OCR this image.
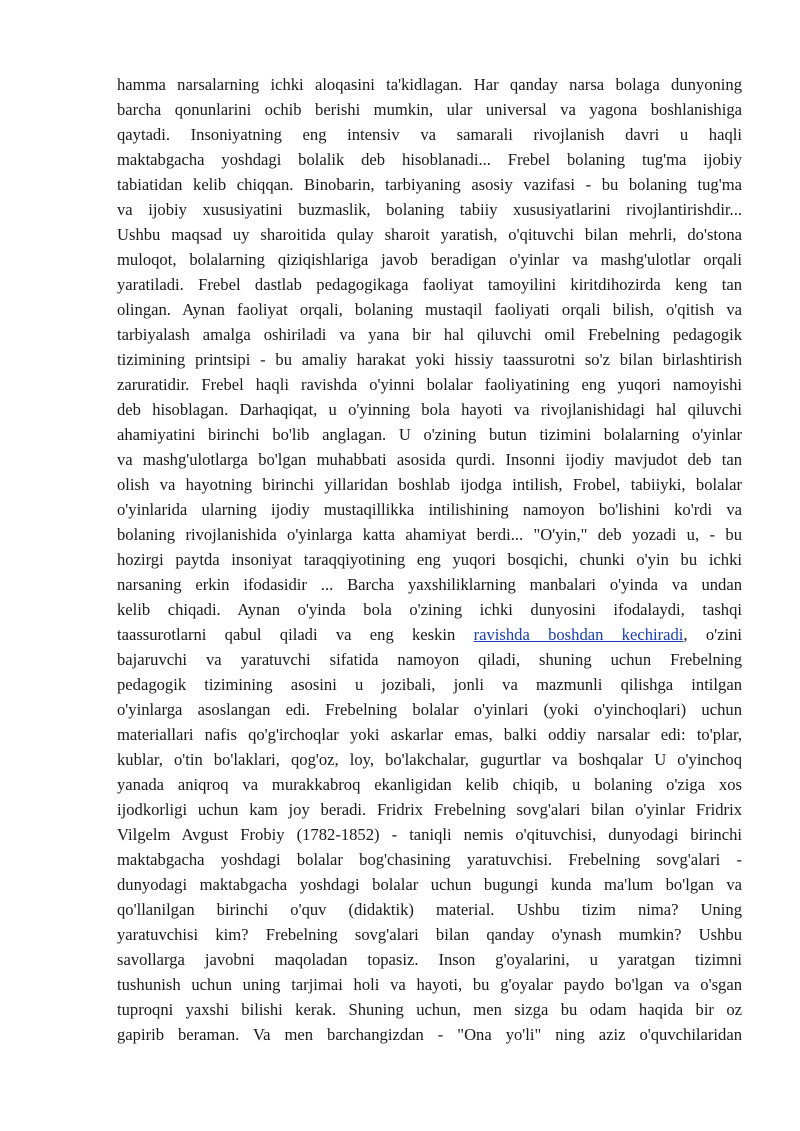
hamma narsalarning ichki aloqasini ta'kidlagan. Har qanday narsa bolaga dunyoning
barcha qonunlarini ochib berishi mumkin, ular universal va yagona boshlanishiga
qaytadi. Insoniyatning eng intensiv va samarali rivojlanish davri u haqli
maktabgacha yoshdagi bolalik deb hisoblanadi... Frebel bolaning tug'ma ijobiy
tabiatidan kelib chiqqan. Binobarin, tarbiyaning asosiy vazifasi - bu bolaning tug'ma
va ijobiy xususiyatini buzmaslik, bolaning tabiiy xususiyatlarini rivojlantirishdir...
Ushbu maqsad uy sharoitida qulay sharoit yaratish, o'qituvchi bilan mehrli, do'stona
muloqot, bolalarning qiziqishlariga javob beradigan o'yinlar va mashg'ulotlar orqali
yaratiladi. Frebel dastlab pedagogikaga faoliyat tamoyilini kiritdihozirda keng tan
olingan. Aynan faoliyat orqali, bolaning mustaqil faoliyati orqali bilish, o'qitish va
tarbiyalash amalga oshiriladi va yana bir hal qiluvchi omil Frebelning pedagogik
tizimining printsipi - bu amaliy harakat yoki hissiy taassurotni so'z bilan birlashtirish
zaruratidir. Frebel haqli ravishda o'yinni bolalar faoliyatining eng yuqori namoyishi
deb hisoblagan. Darhaqiqat, u o'yinning bola hayoti va rivojlanishidagi hal qiluvchi
ahamiyatini birinchi bo'lib anglagan. U o'zining butun tizimini bolalarning o'yinlar
va mashg'ulotlarga bo'lgan muhabbati asosida qurdi. Insonni ijodiy mavjudot deb tan
olish va hayotning birinchi yillaridan boshlab ijodga intilish, Frobel, tabiiyki, bolalar
o'yinlarida ularning ijodiy mustaqillikka intilishining namoyon bo'lishini ko'rdi va
bolaning rivojlanishida o'yinlarga katta ahamiyat berdi... "O'yin," deb yozadi u, - bu
hozirgi paytda insoniyat taraqqiyotining eng yuqori bosqichi, chunki o'yin bu ichki
narsaning erkin ifodasidir ... Barcha yaxshiliklarning manbalari o'yinda va undan
kelib chiqadi. Aynan o'yinda bola o'zining ichki dunyosini ifodalaydi, tashqi
taassurotlarni qabul qiladi va eng keskin ravishda boshdan kechiradi, o'zini
bajaruvchi va yaratuvchi sifatida namoyon qiladi, shuning uchun Frebelning
pedagogik tizimining asosini u jozibali, jonli va mazmunli qilishga intilgan
o'yinlarga asoslangan edi. Frebelning bolalar o'yinlari (yoki o'yinchoqlari) uchun
materiallari nafis qo'g'irchoqlar yoki askarlar emas, balki oddiy narsalar edi: to'plar,
kublar, o'tin bo'laklari, qog'oz, loy, bo'lakchalar, gugurtlar va boshqalar U o'yinchoq
yanada aniqroq va murakkabroq ekanligidan kelib chiqib, u bolaning o'ziga xos
ijodkorligi uchun kam joy beradi. Fridrix Frebelning sovg'alari bilan o'yinlar Fridrix
Vilgelm Avgust Frobiy (1782-1852) - taniqli nemis o'qituvchisi, dunyodagi birinchi
maktabgacha yoshdagi bolalar bog'chasining yaratuvchisi. Frebelning sovg'alari -
dunyodagi maktabgacha yoshdagi bolalar uchun bugungi kunda ma'lum bo'lgan va
qo'llanilgan birinchi o'quv (didaktik) material. Ushbu tizim nima? Uning
yaratuvchisi kim? Frebelning sovg'alari bilan qanday o'ynash mumkin? Ushbu
savollarga javobni maqoladan topasiz. Inson g'oyalarini, u yaratgan tizimni
tushunish uchun uning tarjimai holi va hayoti, bu g'oyalar paydo bo'lgan va o'sgan
tuproqni yaxshi bilishi kerak. Shuning uchun, men sizga bu odam haqida bir oz
gapirib beraman. Va men barchangizdan - "Ona yo'li" ning aziz o'quvchilaridan
